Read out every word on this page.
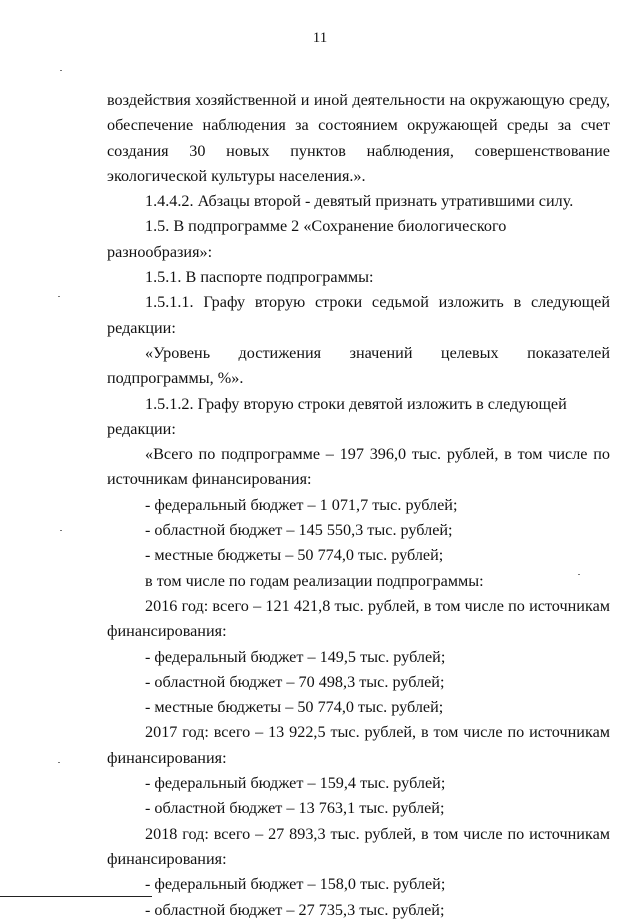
11

воздействия хозяйственной и иной деятельности на окружающую среду, обеспечение наблюдения за состоянием окружающей среды за счет создания 30 новых пунктов наблюдения, совершенствование экологической культуры населения.».

1.4.4.2. Абзацы второй - девятый признать утратившими силу.

1.5. В подпрограмме 2 «Сохранение биологического разнообразия»:

1.5.1. В паспорте подпрограммы:

1.5.1.1. Графу вторую строки седьмой изложить в следующей редакции:

«Уровень достижения значений целевых показателей подпрограммы, %».

1.5.1.2. Графу вторую строки девятой изложить в следующей редакции:

«Всего по подпрограмме – 197 396,0 тыс. рублей, в том числе по источникам финансирования:

- федеральный бюджет – 1 071,7 тыс. рублей;

- областной бюджет – 145 550,3 тыс. рублей;

- местные бюджеты – 50 774,0 тыс. рублей;

в том числе по годам реализации подпрограммы:

2016 год: всего – 121 421,8 тыс. рублей, в том числе по источникам финансирования:

- федеральный бюджет – 149,5 тыс. рублей;

- областной бюджет – 70 498,3 тыс. рублей;

- местные бюджеты – 50 774,0 тыс. рублей;

2017 год: всего – 13 922,5 тыс. рублей, в том числе по источникам финансирования:

- федеральный бюджет – 159,4 тыс. рублей;

- областной бюджет – 13 763,1 тыс. рублей;

2018 год: всего – 27 893,3 тыс. рублей, в том числе по источникам финансирования:

- федеральный бюджет – 158,0 тыс. рублей;

- областной бюджет – 27 735,3 тыс. рублей;
